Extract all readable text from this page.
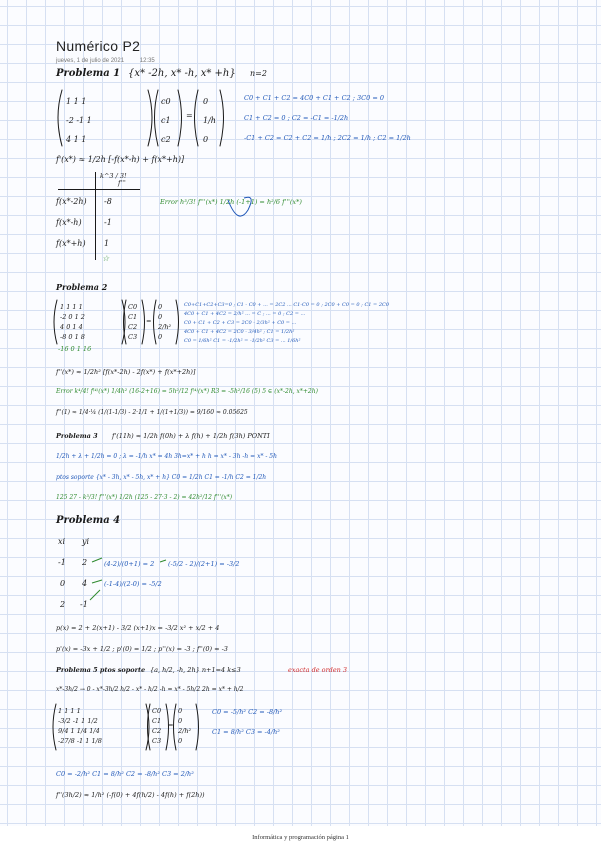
Numérico P2
jueves, 1 de julio de 2021	12:35
Problema 1 {x* -2h, x* -h, x* +h} n=2
1 1 1
-2 -1 1
4 1 1
c0
c1
c2
=
0
1/h
0
C0 + C1 + C2 = 4C0 + C1 + C2 ; 3C0 = 0
C1 + C2 = 0 ; C2 = -C1 = -1/2h
-C1 + C2 = C2 + C2 = 1/h ; 2C2 = 1/h ; C2 = 1/2h
f'(x*) ≈ 1/2h [-f(x*-h) + f(x*+h)]
k^3 / 3!
f'''
f(x*-2h) -8
f(x*-h)	-1
f(x*+h) 1
☆
Error h³/3! f'''(x*) 1/2h (-1+1) = h²/6 f'''(x*)
Problema 2
1 1 1 1
-2 0 1 2
4 0 1 4
-8 0 1 8
C0
C1
C2
C3
=
0
0
2/h²
0
-16 0 1 16
C0+C1+C2+C3=0 ; C1 - C0 + ... = 2C2 ... C1-C0 = 0 ; 2C0 + C0 = 0 ; C1 = 2C0
4C0 + C1 + 4C2 = 2/h² ... = C ; ... = 0 ; C2 = ...
C0 + C1 + C2 + C3 = 2C0 - 2/3h² + C0 = ...
4C0 + C1 + 4C2 = 2C0 - 3/4h² ; C1 = 1/2h²
C0 = 1/6h² C1 = -1/2h² = -1/2h² C3 = ... 1/6h²
f''(x*) ≈ 1/2h² [f(x*-2h) - 2f(x*) + f(x*+2h)]
Error k⁴/4! f⁽⁴⁾(x*) 1/4h² (16-2+16) = 5h²/12 f⁽⁴⁾(x*) R3 = -5h²/16 (5) 5 ∈ (x*-2h, x*+2h)
f''(1) ≈ 1/4·¼ (1/(1-1/3) - 2·1/1 + 1/(1+1/3)) = 9/160 ≈ 0.05625
Problema 3 f'(11h) ≈ 1/2h f(0h) + λ f(h) + 1/2h f(3h) PONTI
1/2h + λ + 1/2h = 0 ; λ = -1/h x* = 4h 3h=x* + h h = x* - 3h -h = x* - 5h
ptos soporte {x* - 3h, x* - 5h, x* + h} C0 = 1/2h C1 = -1/h C2 = 1/2h
125 27 - k³/3! f'''(x*) 1/2h (125 - 27·3 - 2) = 42h²/12 f'''(x*)
Problema 4
xi yi
-1 2
0 4
2 -1
(4-2)/(0+1) = 2
(-1-4)/(2-0) = -5/2
(-5/2 - 2)/(2+1) = -3/2
p(x) = 2 + 2(x+1) - 3/2 (x+1)x = -3/2 x² + x/2 + 4
p'(x) = -3x + 1/2 ; p'(0) = 1/2 ; p''(x) = -3 ; f''(0) ≈ -3
Problema 5 ptos soporte {a, h/2, -h, 2h} n+1=4 k≤3	exacta de orden 3
x*-3h/2 → 0 - x*-3h/2 h/2 - x* - h/2 -h = x* - 5h/2 2h = x* + h/2
1 1 1 1
-3/2 -1 1 1/2
9/4 1 1/4 1/4
-27/8 -1 1 1/8
C0
C1
C2
C3
=
0
0
2/h²
0
C0 = -5/h² C2 = -8/h²
C1 = 8/h² C3 = -4/h²
C0 = -2/h² C1 = 8/h² C2 = -8/h² C3 = 2/h²
f''(3h/2) ≈ 1/h² (-f(0) + 4f(h/2) - 4f(h) + f(2h))
Informática y programación página 1
